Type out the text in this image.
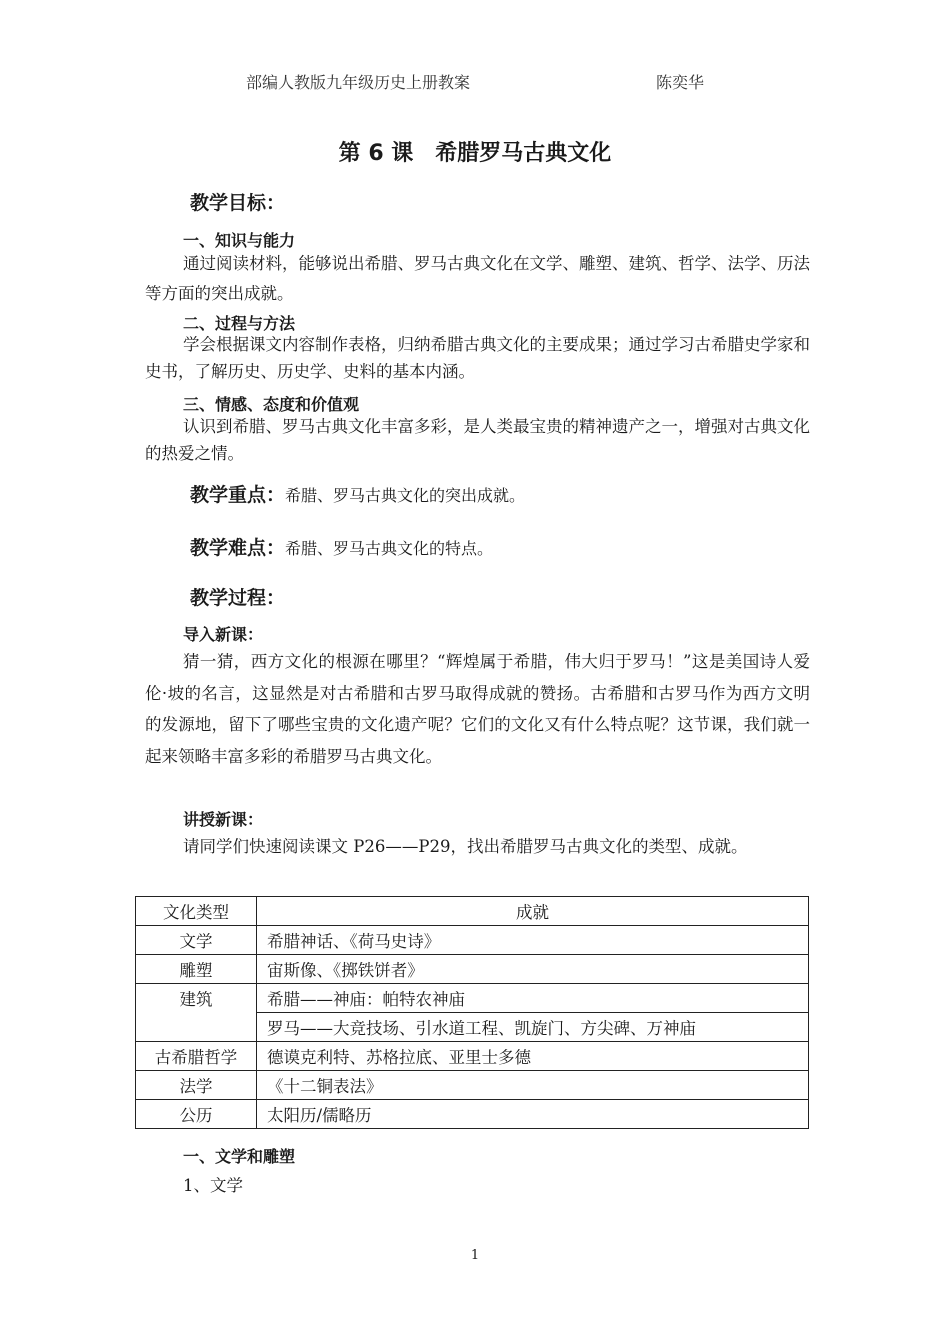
部编人教版九年级历史上册教案	陈奕华

第 6 课　希腊罗马古典文化

教学目标：

一、知识与能力

通过阅读材料，能够说出希腊、罗马古典文化在文学、雕塑、建筑、哲学、法学、历法等方面的突出成就。

二、过程与方法

学会根据课文内容制作表格，归纳希腊古典文化的主要成果；通过学习古希腊史学家和史书，了解历史、历史学、史料的基本内涵。

三、情感、态度和价值观

认识到希腊、罗马古典文化丰富多彩，是人类最宝贵的精神遗产之一，增强对古典文化的热爱之情。

教学重点：希腊、罗马古典文化的突出成就。

教学难点：希腊、罗马古典文化的特点。

教学过程：

导入新课：

猜一猜，西方文化的根源在哪里？“辉煌属于希腊，伟大归于罗马！”这是美国诗人爱伦·坡的名言，这显然是对古希腊和古罗马取得成就的赞扬。古希腊和古罗马作为西方文明的发源地，留下了哪些宝贵的文化遗产呢？它们的文化又有什么特点呢？这节课，我们就一起来领略丰富多彩的希腊罗马古典文化。

讲授新课：

请同学们快速阅读课文 P26——P29，找出希腊罗马古典文化的类型、成就。

文化类型	成就
文学	希腊神话、《荷马史诗》
雕塑	宙斯像、《掷铁饼者》
建筑	希腊——神庙：帕特农神庙
	罗马——大竞技场、引水道工程、凯旋门、方尖碑、万神庙
古希腊哲学	德谟克利特、苏格拉底、亚里士多德
法学	《十二铜表法》
公历	太阳历/儒略历

一、文学和雕塑

1、文学

1
